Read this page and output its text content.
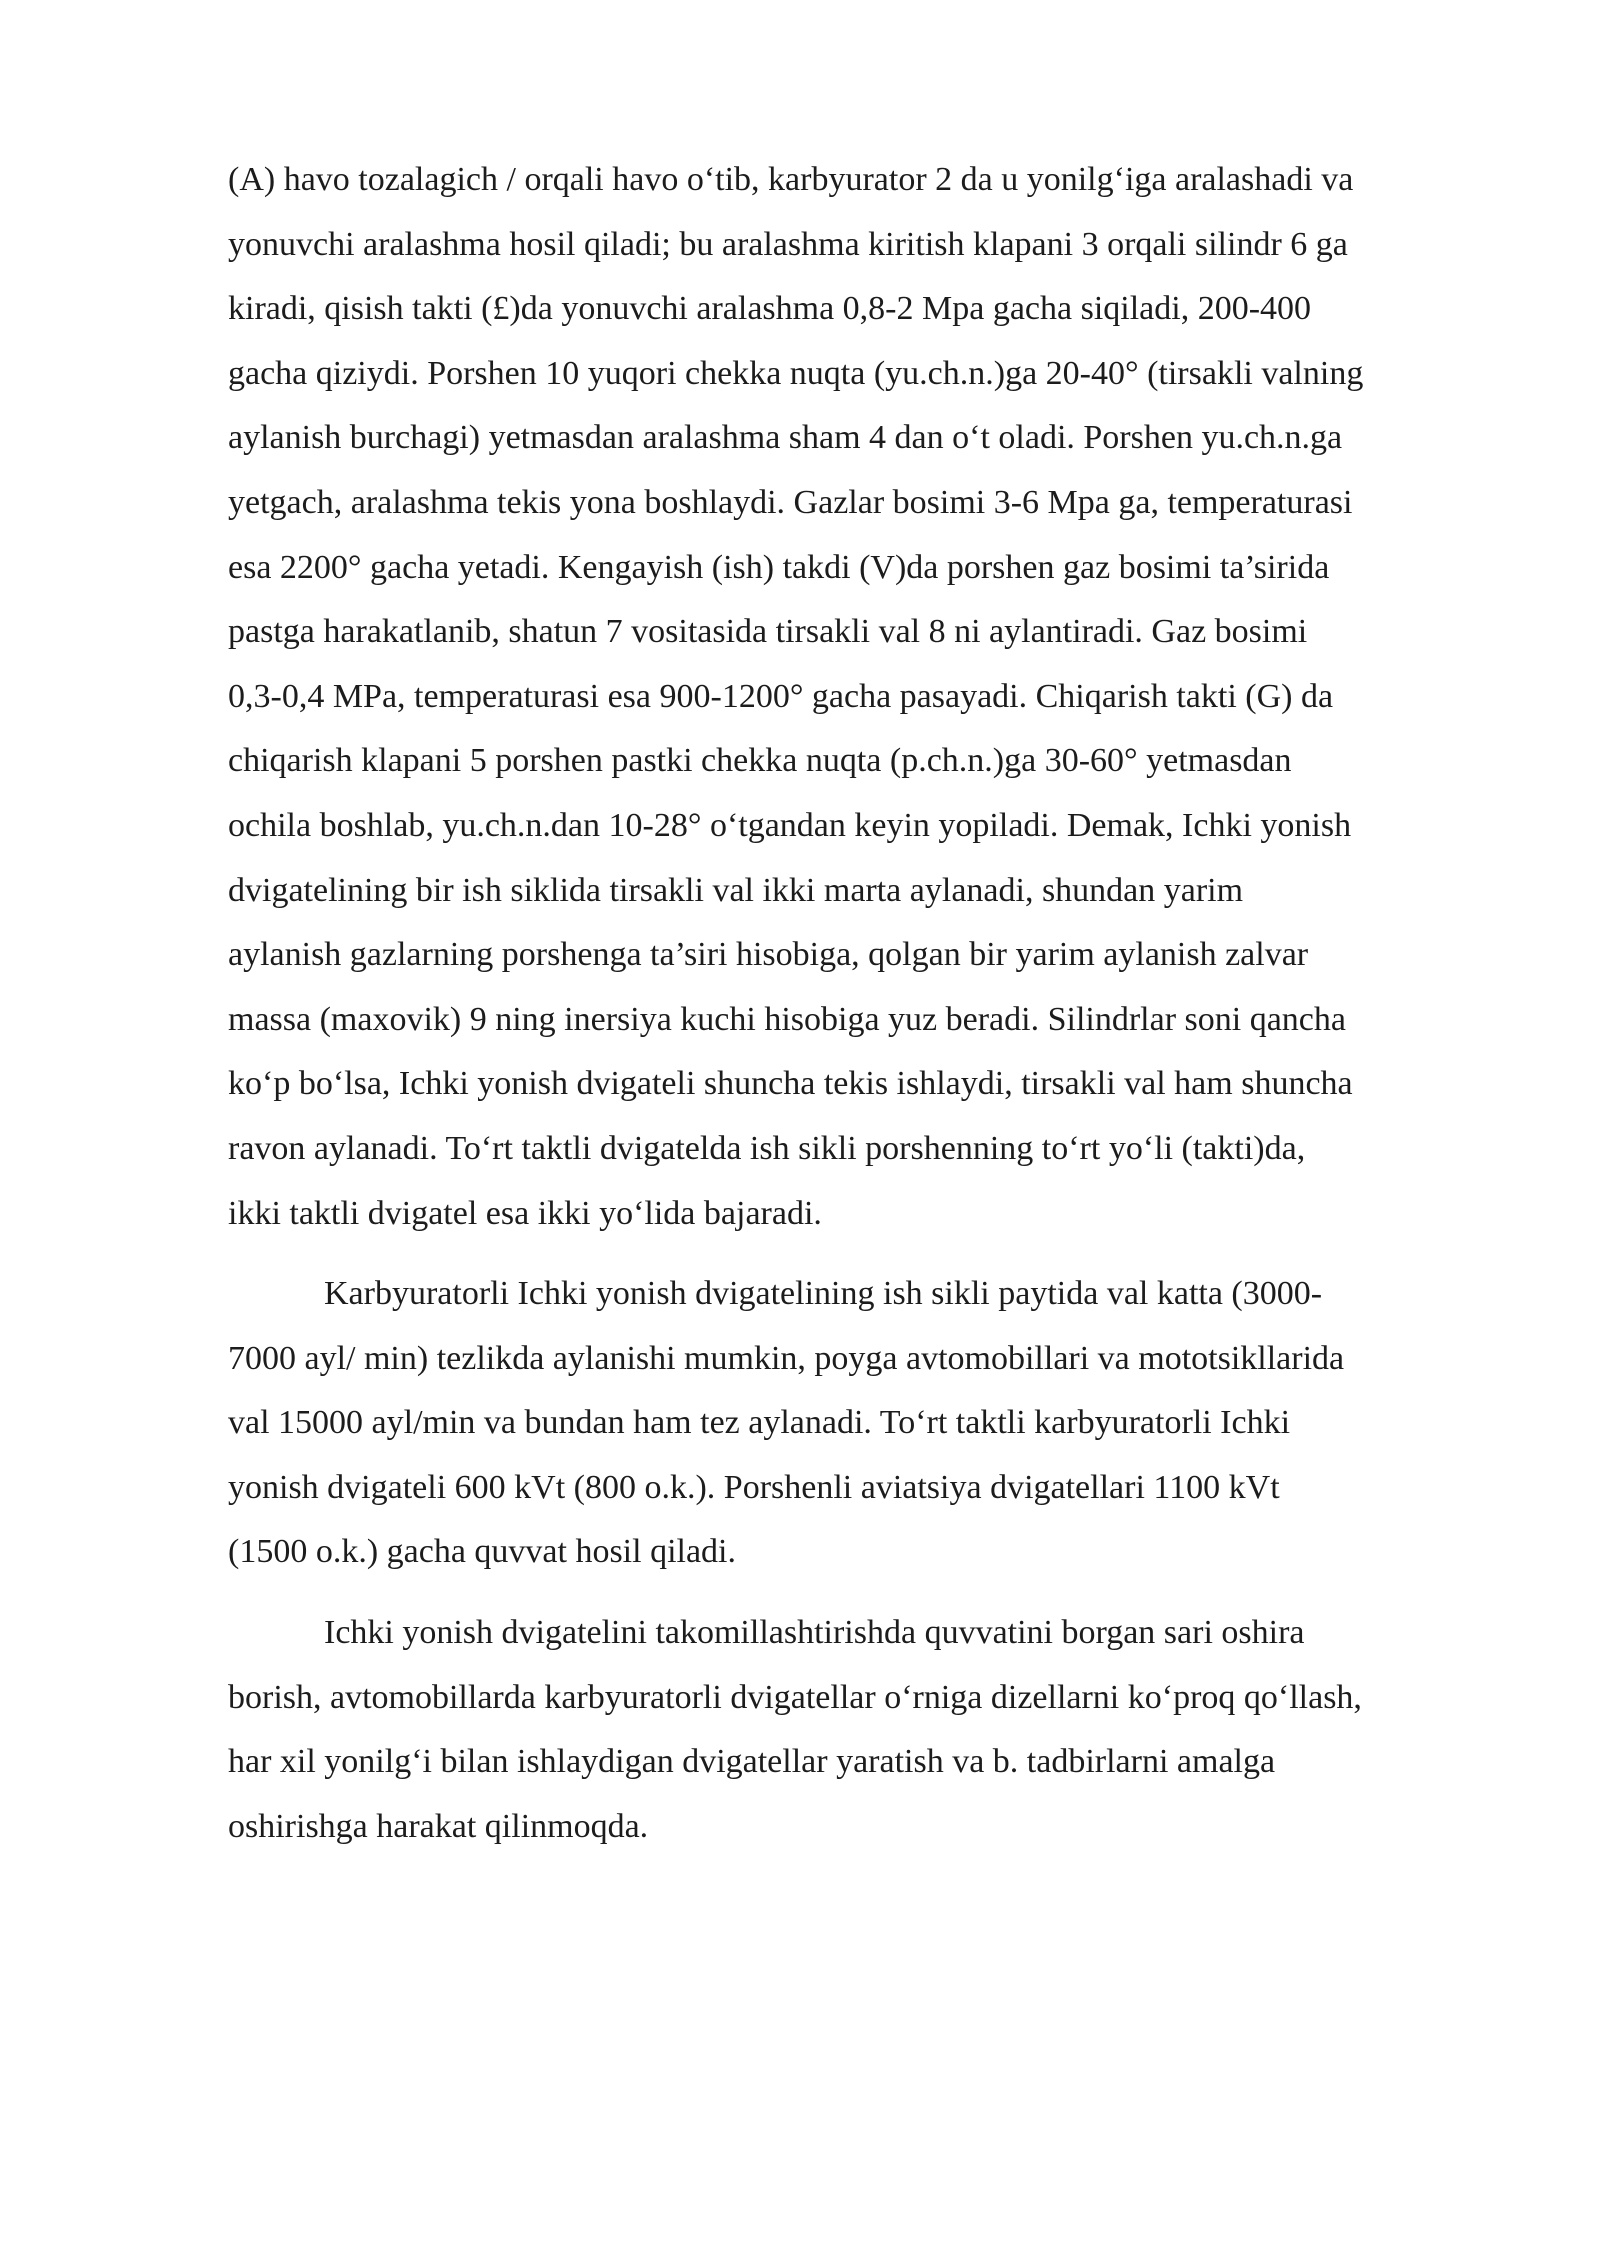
(A) havo tozalagich / orqali havo o‘tib, karbyurator 2 da u yonilg‘iga aralashadi va
yonuvchi aralashma hosil qiladi; bu aralashma kiritish klapani 3 orqali silindr 6 ga
kiradi, qisish takti (£)da yonuvchi aralashma 0,8-2 Mpa gacha siqiladi, 200-400
gacha qiziydi. Porshen 10 yuqori chekka nuqta (yu.ch.n.)ga 20-40° (tirsakli valning
aylanish burchagi) yetmasdan aralashma sham 4 dan o‘t oladi. Porshen yu.ch.n.ga
yetgach, aralashma tekis yona boshlaydi. Gazlar bosimi 3-6 Mpa ga, temperaturasi
esa 2200° gacha yetadi. Kengayish (ish) takdi (V)da porshen gaz bosimi ta’sirida
pastga harakatlanib, shatun 7 vositasida tirsakli val 8 ni aylantiradi. Gaz bosimi
0,3-0,4 MPa, temperaturasi esa 900-1200° gacha pasayadi. Chiqarish takti (G) da
chiqarish klapani 5 porshen pastki chekka nuqta (p.ch.n.)ga 30-60° yetmasdan
ochila boshlab, yu.ch.n.dan 10-28° o‘tgandan keyin yopiladi. Demak, Ichki yonish
dvigatelining bir ish siklida tirsakli val ikki marta aylanadi, shundan yarim
aylanish gazlarning porshenga ta’siri hisobiga, qolgan bir yarim aylanish zalvar
massa (maxovik) 9 ning inersiya kuchi hisobiga yuz beradi. Silindrlar soni qancha
ko‘p bo‘lsa, Ichki yonish dvigateli shuncha tekis ishlaydi, tirsakli val ham shuncha
ravon aylanadi. To‘rt taktli dvigatelda ish sikli porshenning to‘rt yo‘li (takti)da,
ikki taktli dvigatel esa ikki yo‘lida bajaradi.
Karbyuratorli Ichki yonish dvigatelining ish sikli paytida val katta (3000-
7000 ayl/ min) tezlikda aylanishi mumkin, poyga avtomobillari va mototsikllarida
val 15000 ayl/min va bundan ham tez aylanadi. To‘rt taktli karbyuratorli Ichki
yonish dvigateli 600 kVt (800 o.k.). Porshenli aviatsiya dvigatellari 1100 kVt
(1500 o.k.) gacha quvvat hosil qiladi.
Ichki yonish dvigatelini takomillashtirishda quvvatini borgan sari oshira
borish, avtomobillarda karbyuratorli dvigatellar o‘rniga dizellarni ko‘proq qo‘llash,
har xil yonilg‘i bilan ishlaydigan dvigatellar yaratish va b. tadbirlarni amalga
oshirishga harakat qilinmoqda.
